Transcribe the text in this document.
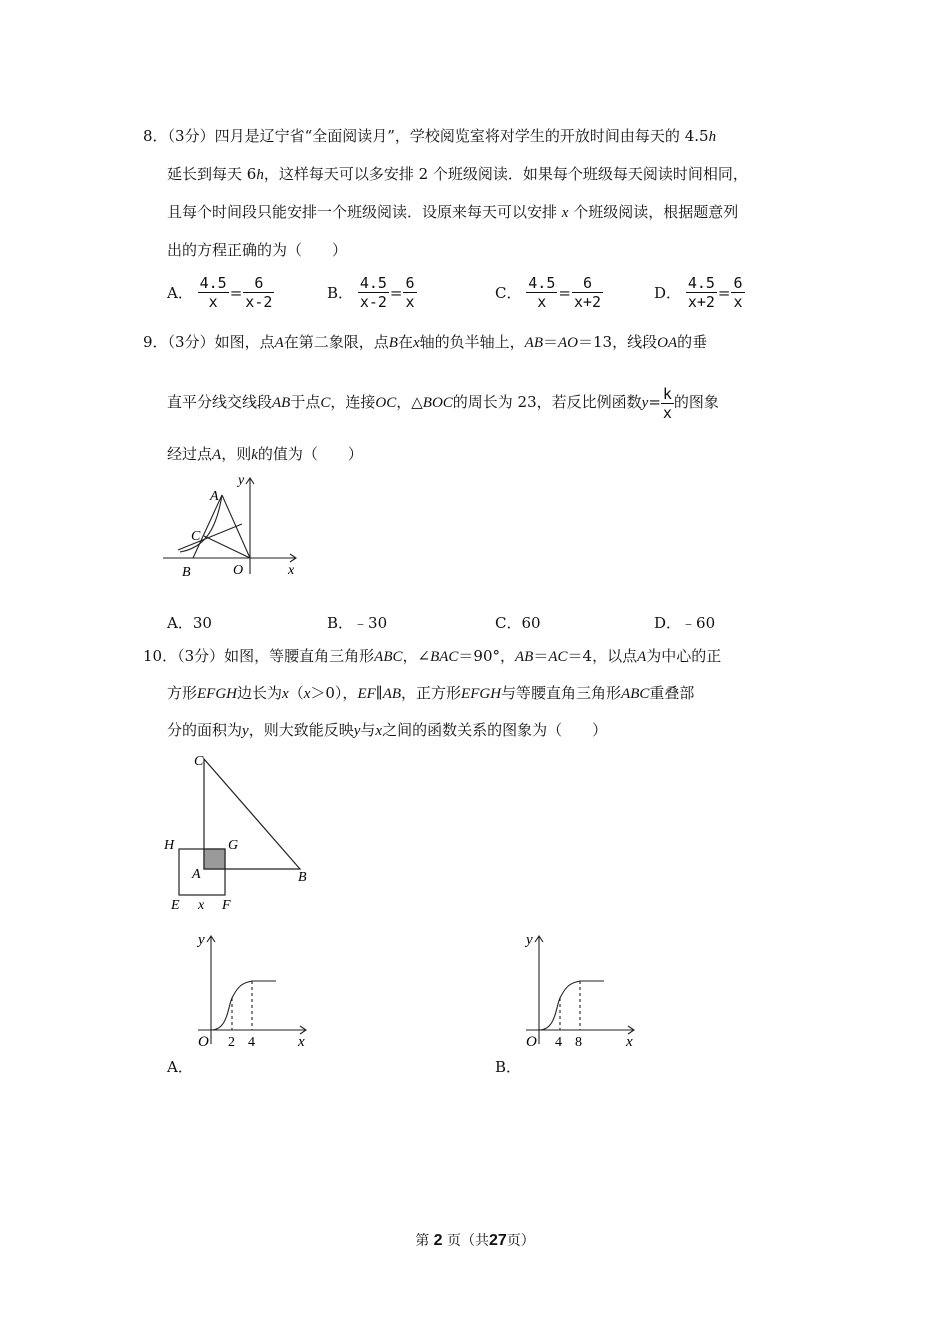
8．（3分）四月是辽宁省“全面阅读月”，学校阅览室将对学生的开放时间由每天的 4.5h
延长到每天 6h，这样每天可以多安排 2 个班级阅读．如果每个班级每天阅读时间相同，
且每个时间段只能安排一个班级阅读．设原来每天可以安排 x 个班级阅读，根据题意列
出的方程正确的为（　　）
A． $\frac{4.5}{x} = \frac{6}{x-2}$	B． $\frac{4.5}{x-2} = \frac{6}{x}$	C． $\frac{4.5}{x} = \frac{6}{x+2}$	D． $\frac{4.5}{x+2} = \frac{6}{x}$
9．（3分）如图，点A在第二象限，点B在x轴的负半轴上，AB＝AO＝13，线段OA的垂
直平分线交线段AB于点C，连接OC，△BOC的周长为 23，若反比例函数$y= \frac{k}{x}$ 的图象
经过点A，则k的值为（　　）
A
C
B	O	x
y
A．30	B．﹣30	C．60	D．﹣60
10．（3分）如图，等腰直角三角形ABC，∠BAC＝90°，AB＝AC＝4，以点A为中心的正
方形EFGH边长为x（x＞0），EF∥AB，正方形EFGH与等腰直角三角形ABC重叠部
分的面积为y，则大致能反映y与x之间的函数关系的图象为（　　）
C
H	G
A	B
E x F
y
O 2 4	x
A．
y
O 4 8	x
B．
第 2 页（共27页）
